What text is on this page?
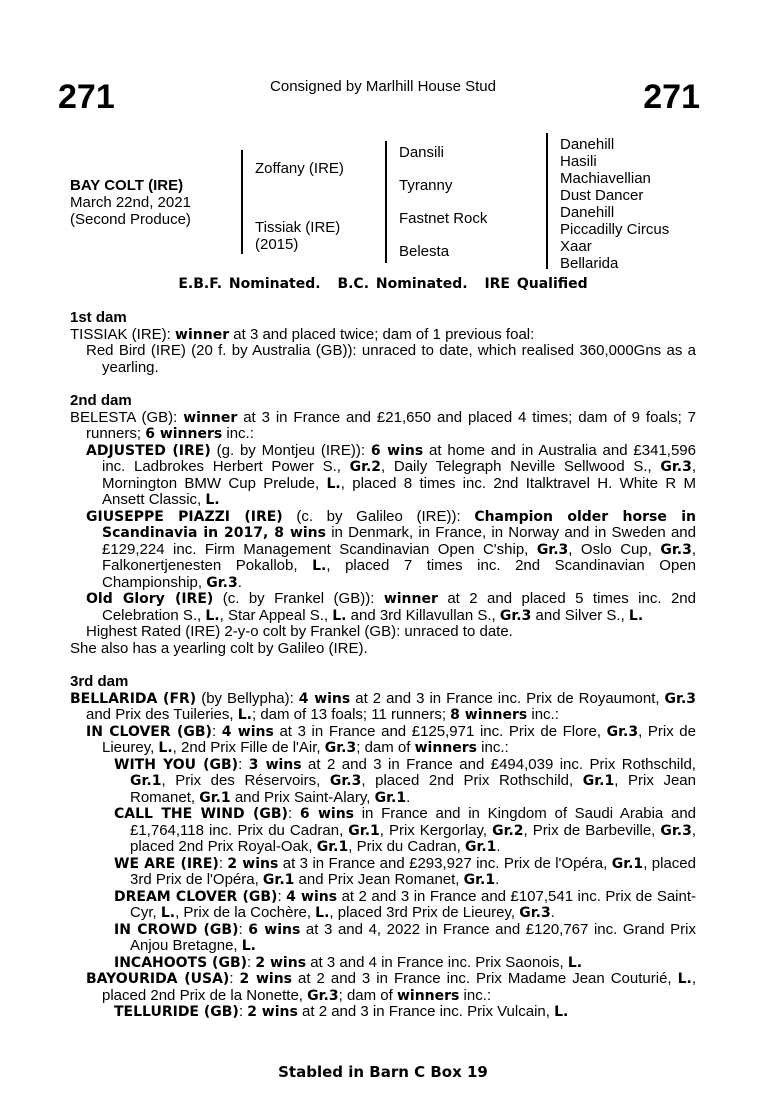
271	Consigned by Marlhill House Stud	271
BAY COLT (IRE)
March 22nd, 2021
(Second Produce)
Zoffany (IRE)
Tissiak (IRE)
(2015)
Dansili
Tyranny
Fastnet Rock
Belesta
Danehill
Hasili
Machiavellian
Dust Dancer
Danehill
Piccadilly Circus
Xaar
Bellarida
E.B.F. Nominated. B.C. Nominated. IRE Qualified
1st dam
TISSIAK (IRE): winner at 3 and placed twice; dam of 1 previous foal:
Red Bird (IRE) (20 f. by Australia (GB)): unraced to date, which realised 360,000Gns as a yearling.
2nd dam
BELESTA (GB): winner at 3 in France and £21,650 and placed 4 times; dam of 9 foals; 7 runners; 6 winners inc.:
ADJUSTED (IRE) (g. by Montjeu (IRE)): 6 wins at home and in Australia and £341,596 inc. Ladbrokes Herbert Power S., Gr.2, Daily Telegraph Neville Sellwood S., Gr.3, Mornington BMW Cup Prelude, L., placed 8 times inc. 2nd Italktravel H. White R M Ansett Classic, L.
GIUSEPPE PIAZZI (IRE) (c. by Galileo (IRE)): Champion older horse in Scandinavia in 2017, 8 wins in Denmark, in France, in Norway and in Sweden and £129,224 inc. Firm Management Scandinavian Open C'ship, Gr.3, Oslo Cup, Gr.3, Falkonertjenesten Pokallob, L., placed 7 times inc. 2nd Scandinavian Open Championship, Gr.3.
Old Glory (IRE) (c. by Frankel (GB)): winner at 2 and placed 5 times inc. 2nd Celebration S., L., Star Appeal S., L. and 3rd Killavullan S., Gr.3 and Silver S., L.
Highest Rated (IRE) 2-y-o colt by Frankel (GB): unraced to date.
She also has a yearling colt by Galileo (IRE).
3rd dam
BELLARIDA (FR) (by Bellypha): 4 wins at 2 and 3 in France inc. Prix de Royaumont, Gr.3 and Prix des Tuileries, L.; dam of 13 foals; 11 runners; 8 winners inc.:
IN CLOVER (GB): 4 wins at 3 in France and £125,971 inc. Prix de Flore, Gr.3, Prix de Lieurey, L., 2nd Prix Fille de l'Air, Gr.3; dam of winners inc.:
WITH YOU (GB): 3 wins at 2 and 3 in France and £494,039 inc. Prix Rothschild, Gr.1, Prix des Réservoirs, Gr.3, placed 2nd Prix Rothschild, Gr.1, Prix Jean Romanet, Gr.1 and Prix Saint-Alary, Gr.1.
CALL THE WIND (GB): 6 wins in France and in Kingdom of Saudi Arabia and £1,764,118 inc. Prix du Cadran, Gr.1, Prix Kergorlay, Gr.2, Prix de Barbeville, Gr.3, placed 2nd Prix Royal-Oak, Gr.1, Prix du Cadran, Gr.1.
WE ARE (IRE): 2 wins at 3 in France and £293,927 inc. Prix de l'Opéra, Gr.1, placed 3rd Prix de l'Opéra, Gr.1 and Prix Jean Romanet, Gr.1.
DREAM CLOVER (GB): 4 wins at 2 and 3 in France and £107,541 inc. Prix de Saint-Cyr, L., Prix de la Cochère, L., placed 3rd Prix de Lieurey, Gr.3.
IN CROWD (GB): 6 wins at 3 and 4, 2022 in France and £120,767 inc. Grand Prix Anjou Bretagne, L.
INCAHOOTS (GB): 2 wins at 3 and 4 in France inc. Prix Saonois, L.
BAYOURIDA (USA): 2 wins at 2 and 3 in France inc. Prix Madame Jean Couturié, L., placed 2nd Prix de la Nonette, Gr.3; dam of winners inc.:
TELLURIDE (GB): 2 wins at 2 and 3 in France inc. Prix Vulcain, L.
Stabled in Barn C Box 19
